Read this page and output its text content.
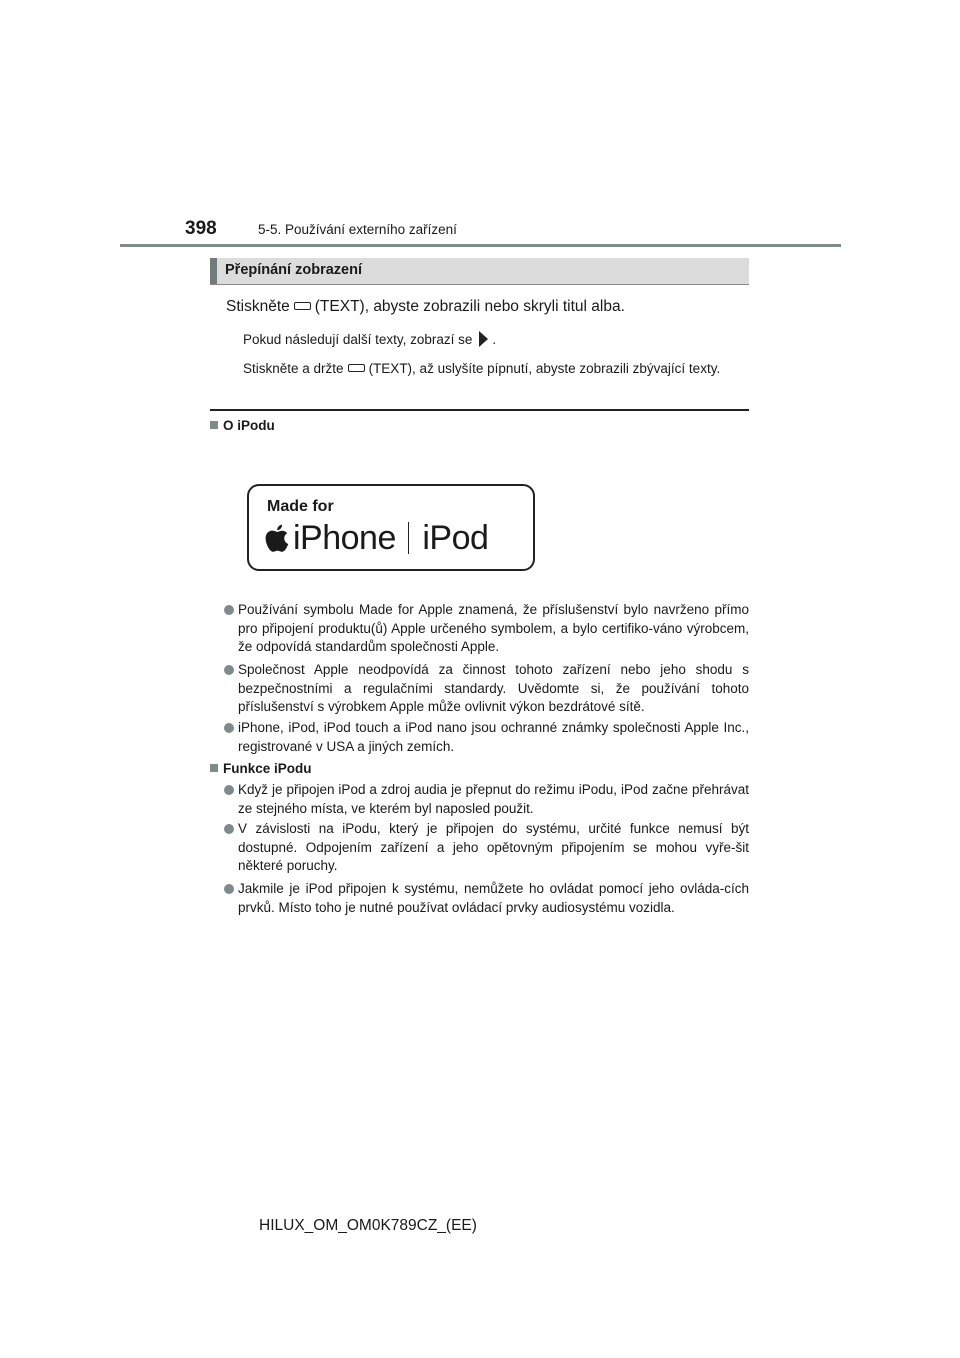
398	5-5. Používání externího zařízení
Přepínání zobrazení
Stiskněte (TEXT), abyste zobrazili nebo skryli titul alba.
Pokud následují další texty, zobrazí se .
Stiskněte a držte (TEXT), až uslyšíte pípnutí, abyste zobrazili zbývající texty.
O iPodu
Made for
iPhone iPod
Používání symbolu Made for Apple znamená, že příslušenství bylo navrženo přímo pro připojení produktu(ů) Apple určeného symbolem, a bylo certifiko-váno výrobcem, že odpovídá standardům společnosti Apple.
Společnost Apple neodpovídá za činnost tohoto zařízení nebo jeho shodu s bezpečnostními a regulačními standardy. Uvědomte si, že používání tohoto příslušenství s výrobkem Apple může ovlivnit výkon bezdrátové sítě.
iPhone, iPod, iPod touch a iPod nano jsou ochranné známky společnosti Apple Inc., registrované v USA a jiných zemích.
Funkce iPodu
Když je připojen iPod a zdroj audia je přepnut do režimu iPodu, iPod začne přehrávat ze stejného místa, ve kterém byl naposled použit.
V závislosti na iPodu, který je připojen do systému, určité funkce nemusí být dostupné. Odpojením zařízení a jeho opětovným připojením se mohou vyře-šit některé poruchy.
Jakmile je iPod připojen k systému, nemůžete ho ovládat pomocí jeho ovláda-cích prvků. Místo toho je nutné používat ovládací prvky audiosystému vozidla.
HILUX_OM_OM0K789CZ_(EE)
